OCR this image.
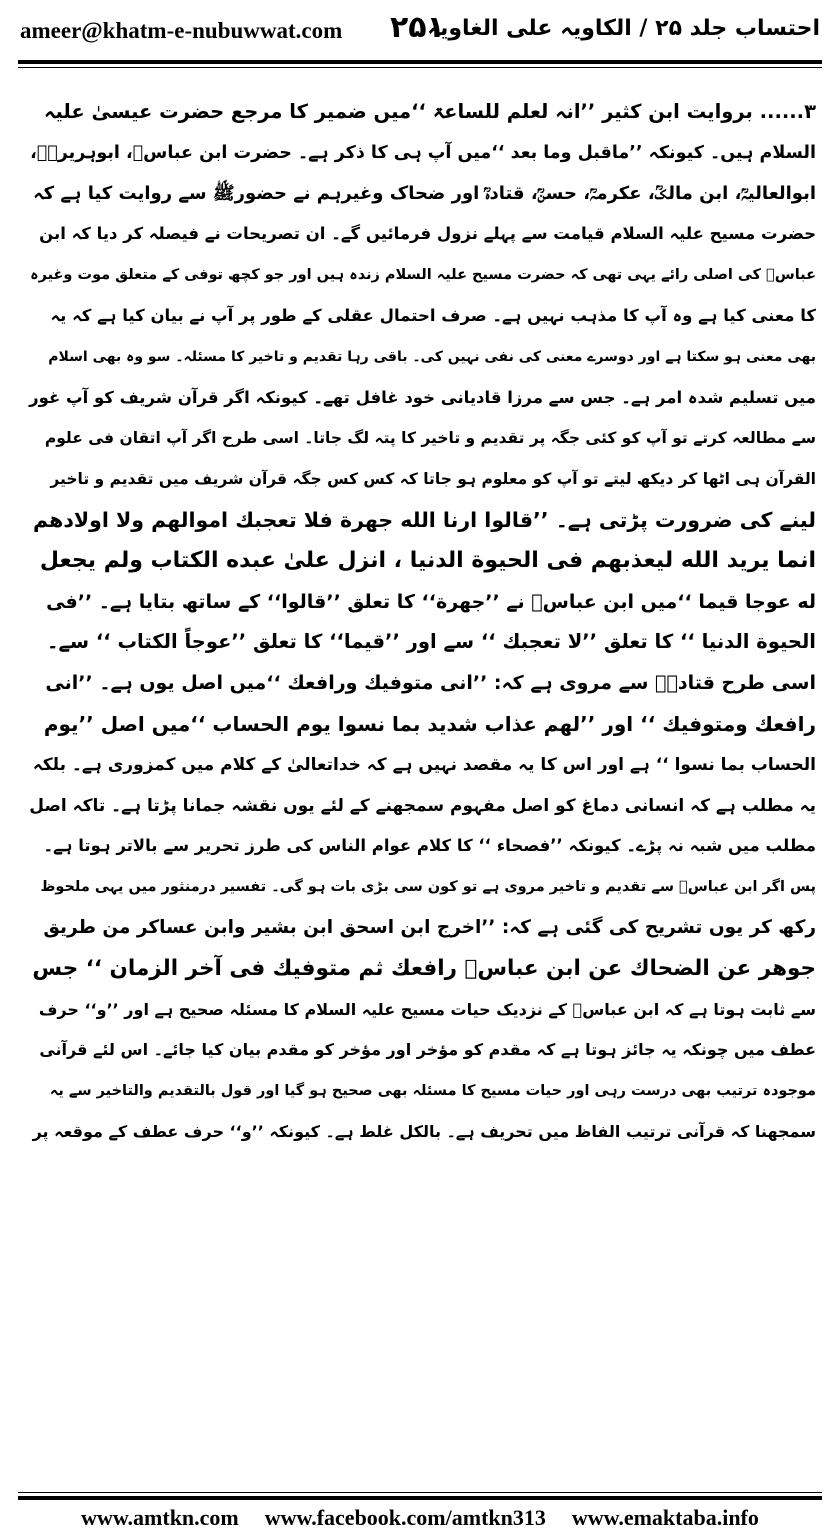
ameer@khatm-e-nubuwwat.com ۲۵۱
احتساب جلد ۲۵ / الکاویہ علی الغاویہ
۳...... بروایت ابن کثیر ’’انہ لعلم للساعۃ ‘‘میں ضمیر کا مرجع حضرت عیسیٰ علیہ
السلام ہیں۔ کیونکہ ’’ماقبل وما بعد ‘‘میں آپ ہی کا ذکر ہے۔ حضرت ابن عباسؓ، ابوہریرہؓ،
ابوالعالیہؒ، ابن مالکؒ، عکرمہؒ، حسنؒ، قتادہؒ اور ضحاک وغیرہم نے حضورﷺ سے روایت کیا ہے کہ
حضرت مسیح علیہ السلام قیامت سے پہلے نزول فرمائیں گے۔ ان تصریحات نے فیصلہ کر دیا کہ ابن
عباسؓ کی اصلی رائے یہی تھی کہ حضرت مسیح علیہ السلام زندہ ہیں اور جو کچھ توفی کے متعلق موت وغیرہ
کا معنی کیا ہے وہ آپ کا مذہب نہیں ہے۔ صرف احتمال عقلی کے طور پر آپ نے بیان کیا ہے کہ یہ
بھی معنی ہو سکتا ہے اور دوسرے معنی کی نفی نہیں کی۔ باقی رہا تقدیم و تاخیر کا مسئلہ۔ سو وہ بھی اسلام
میں تسلیم شدہ امر ہے۔ جس سے مرزا قادیانی خود غافل تھے۔ کیونکہ اگر قرآن شریف کو آپ غور
سے مطالعہ کرتے تو آپ کو کئی جگہ پر تقدیم و تاخیر کا پتہ لگ جاتا۔ اسی طرح اگر آپ اتقان فی علوم
القرآن ہی اٹھا کر دیکھ لیتے تو آپ کو معلوم ہو جاتا کہ کس کس جگہ قرآن شریف میں تقدیم و تاخیر
لینے کی ضرورت پڑتی ہے۔ ’’قالوا ارنا الله جهرة فلا تعجبك اموالهم ولا اولادهم
انما يريد الله ليعذبهم فى الحيوة الدنيا ، انزل علىٰ عبده الكتاب ولم يجعل
له عوجا قيما ‘‘میں ابن عباسؓ نے ’’جهرة‘‘ کا تعلق ’’قالوا‘‘ کے ساتھ بتایا ہے۔ ’’فى
الحيوة الدنيا ‘‘ کا تعلق ’’لا تعجبك ‘‘ سے اور ’’قيما‘‘ کا تعلق ’’عوجاً الكتاب ‘‘ سے۔
اسی طرح قتادہؒ سے مروی ہے کہ: ’’انى متوفيك ورافعك ‘‘میں اصل یوں ہے۔ ’’انى
رافعك ومتوفيك ‘‘ اور ’’لهم عذاب شديد بما نسوا يوم الحساب ‘‘میں اصل ’’يوم
الحساب بما نسوا ‘‘ ہے اور اس کا یہ مقصد نہیں ہے کہ خداتعالیٰ کے کلام میں کمزوری ہے۔ بلکہ
یہ مطلب ہے کہ انسانی دماغ کو اصل مفہوم سمجھنے کے لئے یوں نقشہ جمانا پڑتا ہے۔ تاکہ اصل
مطلب میں شبہ نہ پڑے۔ کیونکہ ’’فصحاء ‘‘ کا کلام عوام الناس کی طرز تحریر سے بالاتر ہوتا ہے۔
پس اگر ابن عباسؓ سے تقدیم و تاخیر مروی ہے تو کون سی بڑی بات ہو گی۔ تفسیر درمنثور میں یہی ملحوظ
رکھ کر یوں تشریح کی گئی ہے کہ: ’’اخرج ابن اسحق ابن بشير وابن عساكر من طريق
جوهر عن الضحاك عن ابن عباسؓ رافعك ثم متوفيك فى آخر الزمان ‘‘ جس
سے ثابت ہوتا ہے کہ ابن عباسؓ کے نزدیک حیات مسیح علیہ السلام کا مسئلہ صحیح ہے اور ’’و‘‘ حرف
عطف میں چونکہ یہ جائز ہوتا ہے کہ مقدم کو مؤخر اور مؤخر کو مقدم بیان کیا جائے۔ اس لئے قرآنی
موجودہ ترتیب بھی درست رہی اور حیات مسیح کا مسئلہ بھی صحیح ہو گیا اور قول بالتقدیم والتاخیر سے یہ
سمجھنا کہ قرآنی ترتیب الفاظ میں تحریف ہے۔ بالکل غلط ہے۔ کیونکہ ’’و‘‘ حرف عطف کے موقعہ پر
www.amtkn.com www.facebook.com/amtkn313 www.emaktaba.info
